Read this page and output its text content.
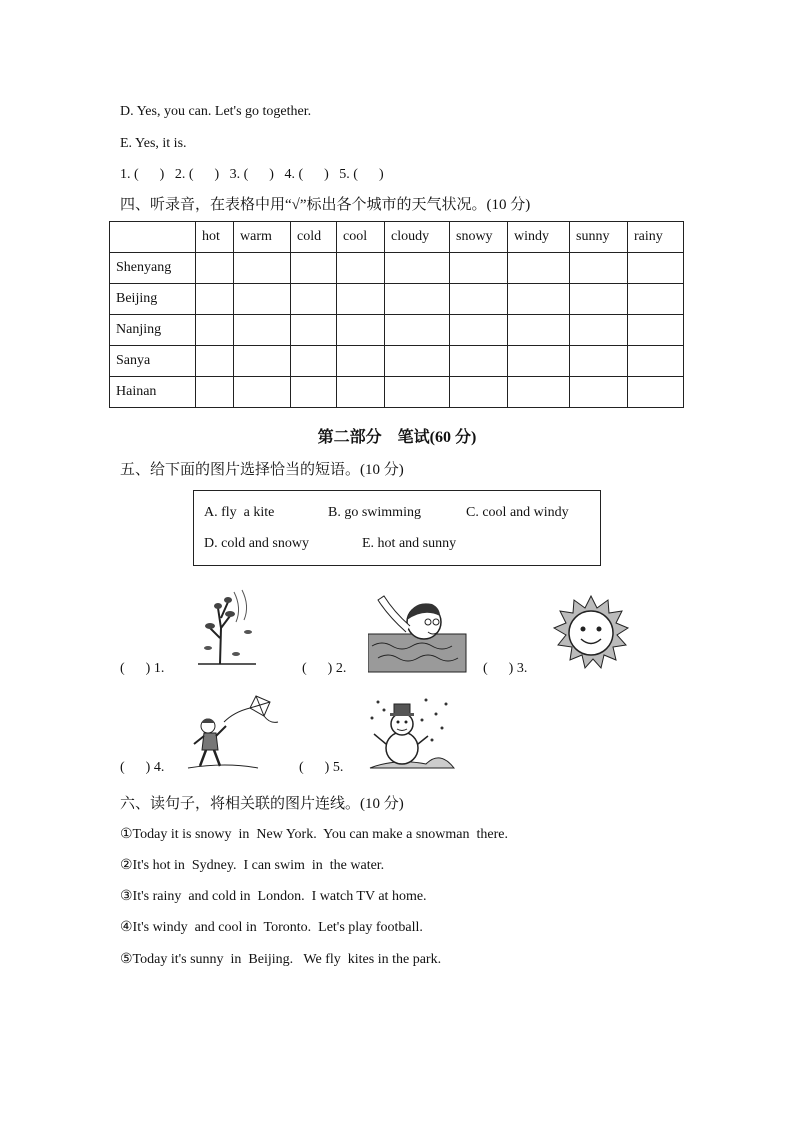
D. Yes, you can. Let's go together.
E. Yes, it is.
1. (      )   2. (      )   3. (      )   4. (      )   5. (      )
四、听录音，在表格中用“√”标出各个城市的天气状况。(10 分)
	hot	warm	cold	cool	cloudy	snowy	windy	sunny	rainy
Shenyang									
Beijing									
Nanjing									
Sanya									
Hainan									
第二部分　笔试(60 分)
五、给下面的图片选择恰当的短语。(10 分)
A. fly  a kite	B. go swimming	C. cool and windy
D. cold and snowy	E. hot and sunny
(      ) 1.	(      ) 2.	(      ) 3.
(      ) 4.	(      ) 5.
六、读句子，将相关联的图片连线。(10 分)
①Today it is snowy  in  New York.  You can make a snowman  there.
②It's hot in  Sydney.  I can swim  in  the water.
③It's rainy  and cold in  London.  I watch TV at home.
④It's windy  and cool in  Toronto.  Let's play football.
⑤Today it's sunny  in  Beijing.   We fly  kites in the park.
